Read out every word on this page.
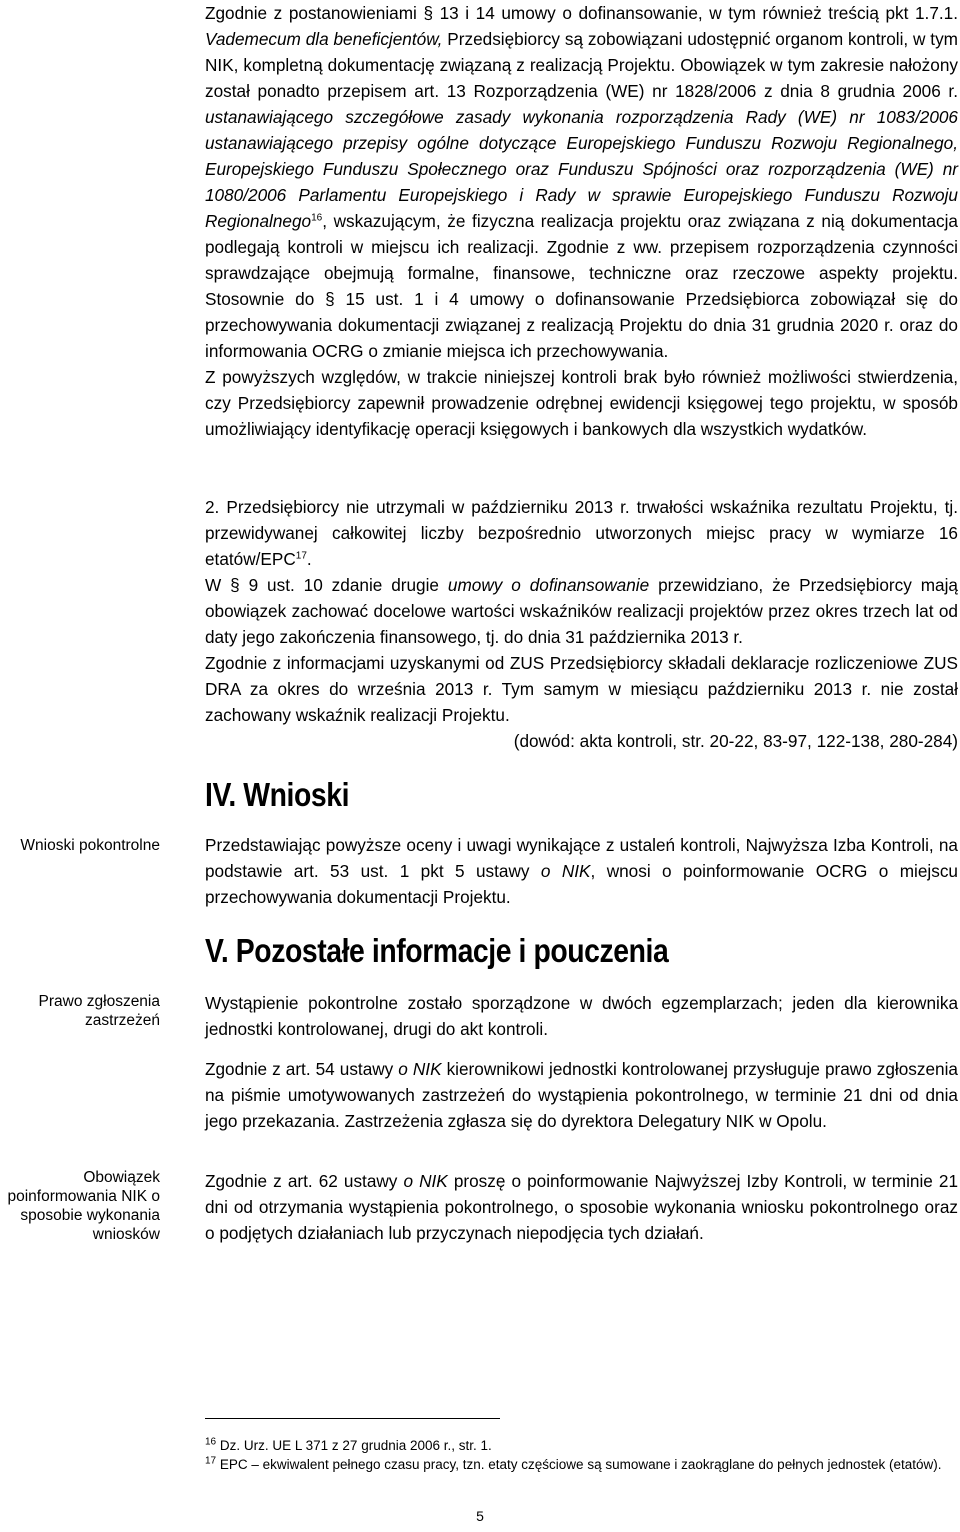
Zgodnie z postanowieniami § 13 i 14 umowy o dofinansowanie, w tym również treścią pkt 1.7.1. Vademecum dla beneficjentów, Przedsiębiorcy są zobowiązani udostępnić organom kontroli, w tym NIK, kompletną dokumentację związaną z realizacją Projektu. Obowiązek w tym zakresie nałożony został ponadto przepisem art. 13 Rozporządzenia (WE) nr 1828/2006 z dnia 8 grudnia 2006 r. ustanawiającego szczegółowe zasady wykonania rozporządzenia Rady (WE) nr 1083/2006 ustanawiającego przepisy ogólne dotyczące Europejskiego Funduszu Rozwoju Regionalnego, Europejskiego Funduszu Społecznego oraz Funduszu Spójności oraz rozporządzenia (WE) nr 1080/2006 Parlamentu Europejskiego i Rady w sprawie Europejskiego Funduszu Rozwoju Regionalnego$^{16}$, wskazującym, że fizyczna realizacja projektu oraz związana z nią dokumentacja podlegają kontroli w miejscu ich realizacji. Zgodnie z ww. przepisem rozporządzenia czynności sprawdzające obejmują formalne, finansowe, techniczne oraz rzeczowe aspekty projektu. Stosownie do § 15 ust. 1 i 4 umowy o dofinansowanie Przedsiębiorca zobowiązał się do przechowywania dokumentacji związanej z realizacją Projektu do dnia 31 grudnia 2020 r. oraz do informowania OCRG o zmianie miejsca ich przechowywania.

Z powyższych względów, w trakcie niniejszej kontroli brak było również możliwości stwierdzenia, czy Przedsiębiorcy zapewnił prowadzenie odrębnej ewidencji księgowej tego projektu, w sposób umożliwiający identyfikację operacji księgowych i bankowych dla wszystkich wydatków.

2. Przedsiębiorcy nie utrzymali w październiku 2013 r. trwałości wskaźnika rezultatu Projektu, tj. przewidywanej całkowitej liczby bezpośrednio utworzonych miejsc pracy w wymiarze 16 etatów/EPC$^{17}$.

W § 9 ust. 10 zdanie drugie umowy o dofinansowanie przewidziano, że Przedsiębiorcy mają obowiązek zachować docelowe wartości wskaźników realizacji projektów przez okres trzech lat od daty jego zakończenia finansowego, tj. do dnia 31 października 2013 r.

Zgodnie z informacjami uzyskanymi od ZUS Przedsiębiorcy składali deklaracje rozliczeniowe ZUS DRA za okres do września 2013 r. Tym samym w miesiącu październiku 2013 r. nie został zachowany wskaźnik realizacji Projektu.

(dowód: akta kontroli, str. 20-22, 83-97, 122-138, 280-284)

IV. Wnioski
Wnioski pokontrolne	Przedstawiając powyższe oceny i uwagi wynikające z ustaleń kontroli, Najwyższa Izba Kontroli, na podstawie art. 53 ust. 1 pkt 5 ustawy o NIK, wnosi o poinformowanie OCRG o miejscu przechowywania dokumentacji Projektu.

V. Pozostałe informacje i pouczenia

Wystąpienie pokontrolne zostało sporządzone w dwóch egzemplarzach; jeden dla kierownika jednostki kontrolowanej, drugi do akt kontroli.

Prawo zgłoszenia zastrzeżeń

Zgodnie z art. 54 ustawy o NIK kierownikowi jednostki kontrolowanej przysługuje prawo zgłoszenia na piśmie umotywowanych zastrzeżeń do wystąpienia pokontrolnego, w terminie 21 dni od dnia jego przekazania. Zastrzeżenia zgłasza się do dyrektora Delegatury NIK w Opolu.

Obowiązek poinformowania NIK o sposobie wykonania wniosków

Zgodnie z art. 62 ustawy o NIK proszę o poinformowanie Najwyższej Izby Kontroli, w terminie 21 dni od otrzymania wystąpienia pokontrolnego, o sposobie wykonania wniosku pokontrolnego oraz o podjętych działaniach lub przyczynach niepodjęcia tych działań.

$^{16}$ Dz. Urz. UE L 371 z 27 grudnia 2006 r., str. 1.

$^{17}$ EPC – ekwiwalent pełnego czasu pracy, tzn. etaty częściowe są sumowane i zaokrąglane do pełnych jednostek (etatów).

5
